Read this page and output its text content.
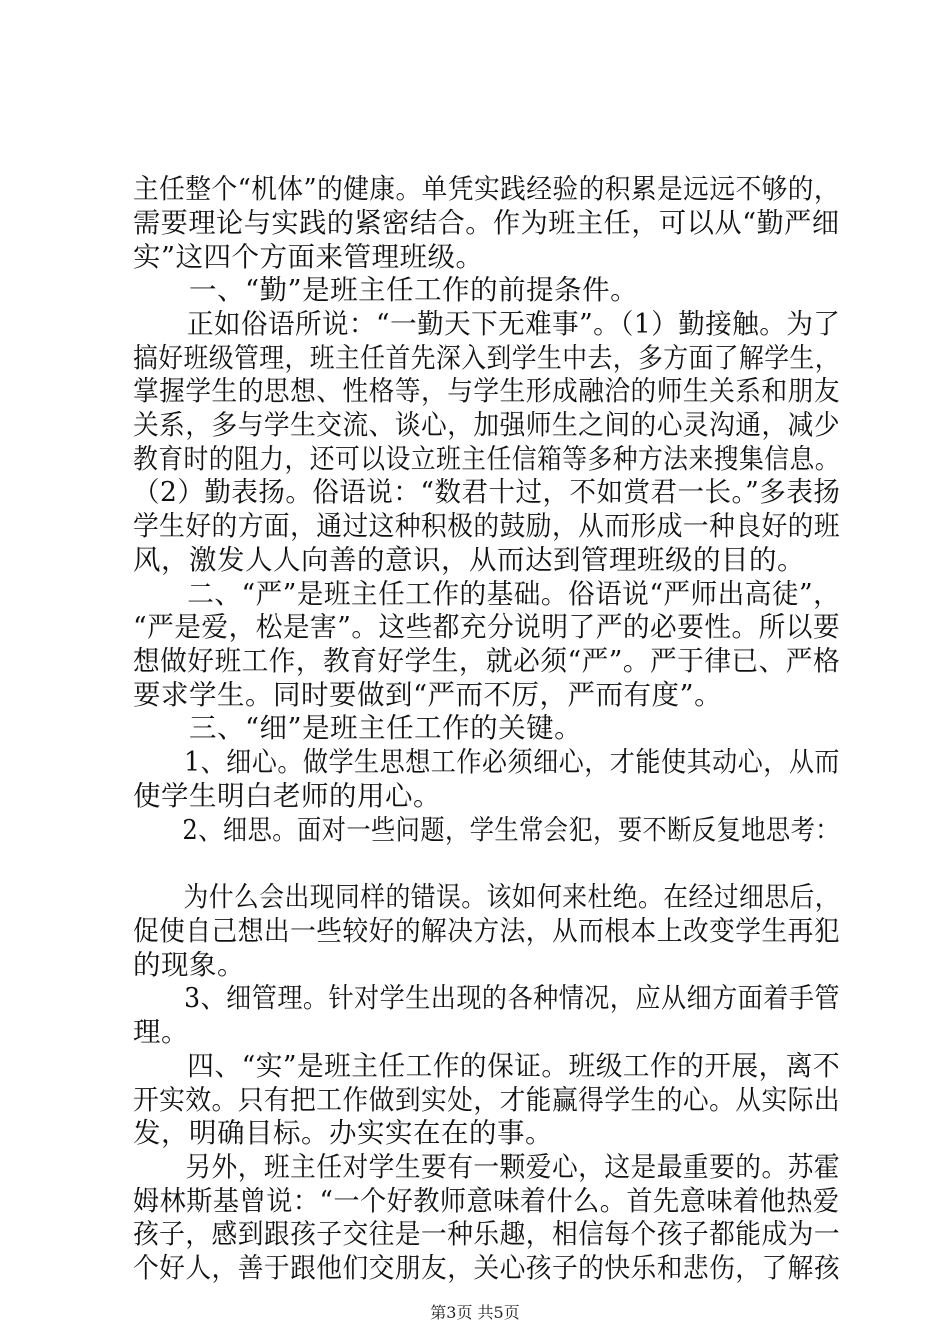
主任整个“机体”的健康。单凭实践经验的积累是远远不够的，
需要理论与实践的紧密结合。作为班主任，可以从“勤严细
实”这四个方面来管理班级。
　　一、“勤”是班主任工作的前提条件。
　　正如俗语所说：“一勤天下无难事”。（1）勤接触。为了
搞好班级管理，班主任首先深入到学生中去，多方面了解学生，
掌握学生的思想、性格等，与学生形成融洽的师生关系和朋友
关系，多与学生交流、谈心，加强师生之间的心灵沟通，减少
教育时的阻力，还可以设立班主任信箱等多种方法来搜集信息。
（2）勤表扬。俗语说：“数君十过，不如赏君一长。”多表扬
学生好的方面，通过这种积极的鼓励，从而形成一种良好的班
风，激发人人向善的意识，从而达到管理班级的目的。
　　二、“严”是班主任工作的基础。俗语说“严师出高徒”，
“严是爱，松是害”。这些都充分说明了严的必要性。所以要
想做好班工作，教育好学生，就必须“严”。严于律已、严格
要求学生。同时要做到“严而不厉，严而有度”。
　　三、“细”是班主任工作的关键。
　　1、细心。做学生思想工作必须细心，才能使其动心，从而
使学生明白老师的用心。
　　2、细思。面对一些问题，学生常会犯，要不断反复地思考：
　　为什么会出现同样的错误。该如何来杜绝。在经过细思后，
促使自己想出一些较好的解决方法，从而根本上改变学生再犯
的现象。
　　3、细管理。针对学生出现的各种情况，应从细方面着手管
理。
　　四、“实”是班主任工作的保证。班级工作的开展，离不
开实效。只有把工作做到实处，才能赢得学生的心。从实际出
发，明确目标。办实实在在的事。
　　另外，班主任对学生要有一颗爱心，这是最重要的。苏霍
姆林斯基曾说：“一个好教师意味着什么。首先意味着他热爱
孩子，感到跟孩子交往是一种乐趣，相信每个孩子都能成为一
个好人，善于跟他们交朋友，关心孩子的快乐和悲伤，了解孩
第3页 共5页
